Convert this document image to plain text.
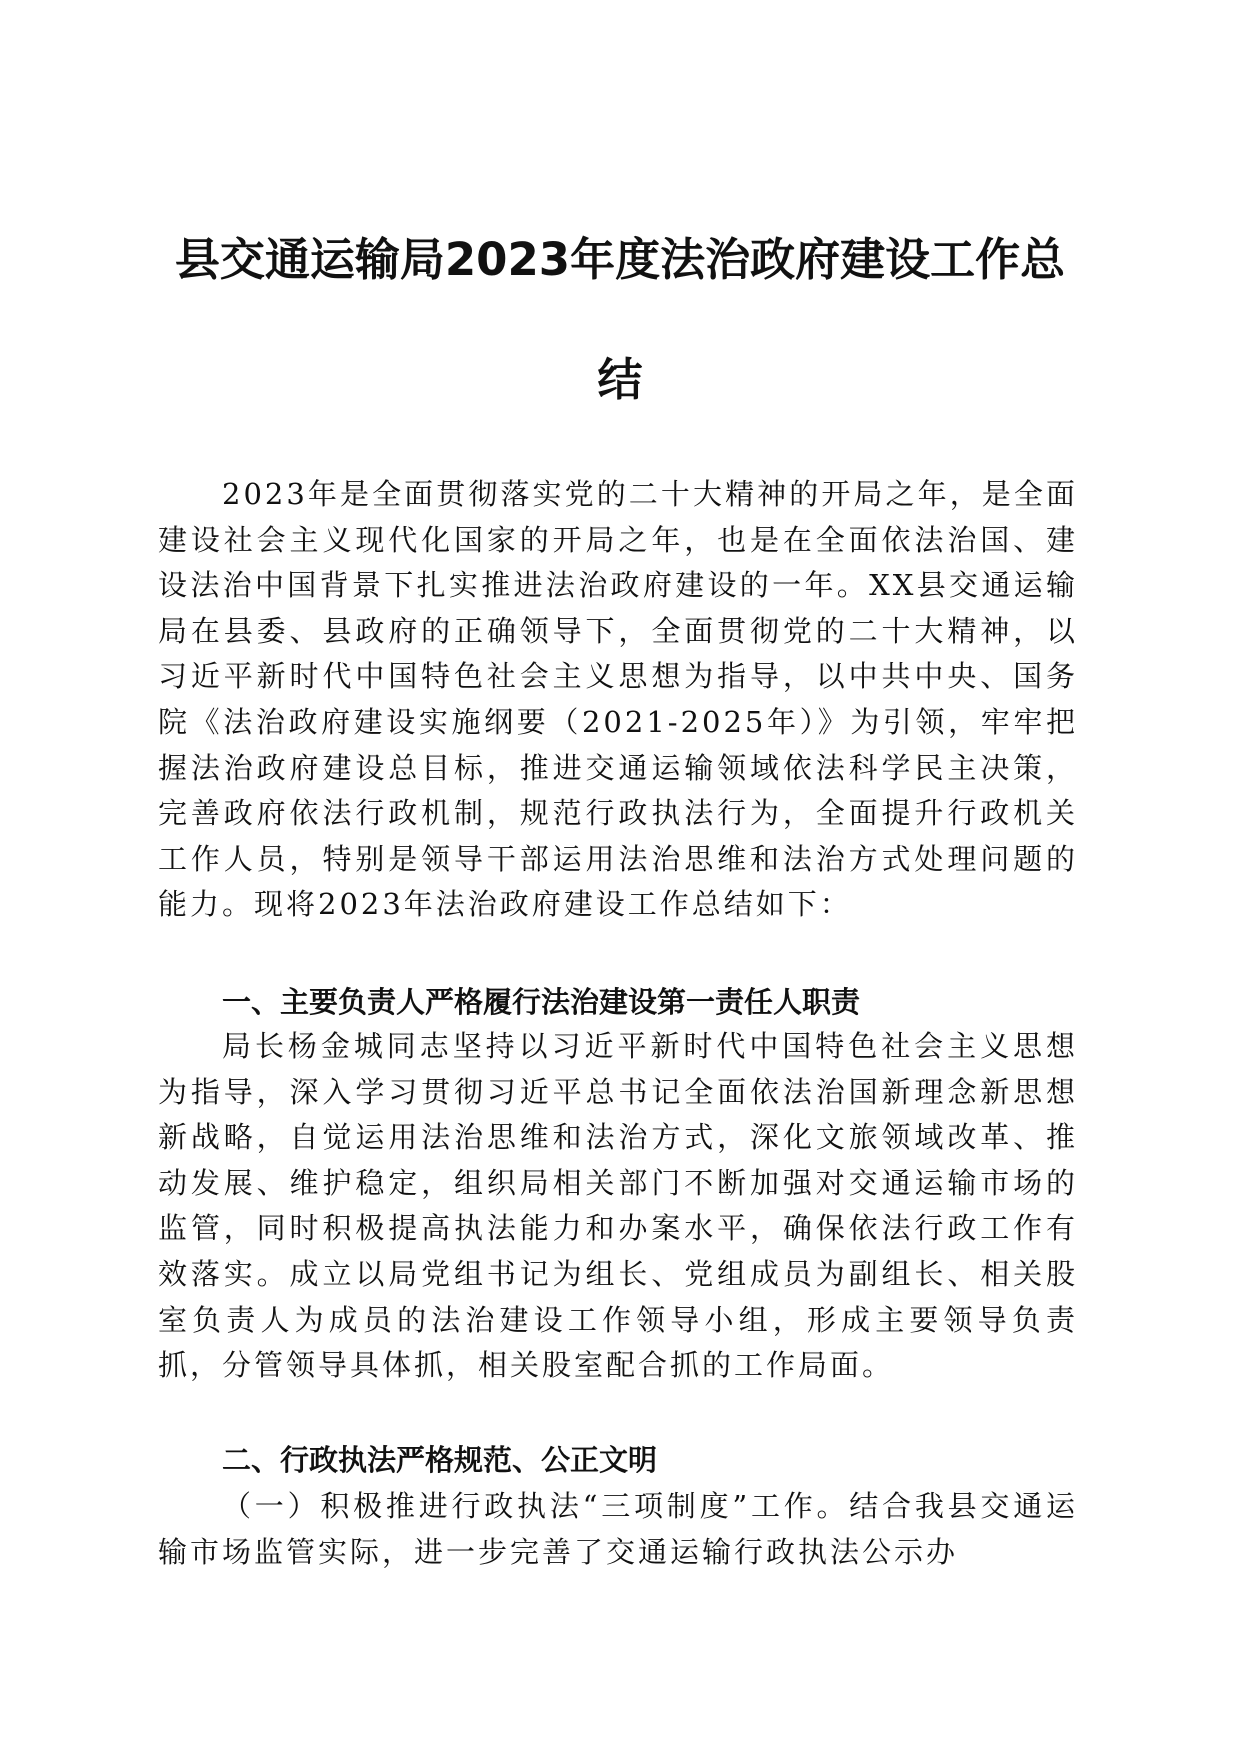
县交通运输局2023年度法治政府建设工作总
结

2023年是全面贯彻落实党的二十大精神的开局之年，是全面建设社会主义现代化国家的开局之年，也是在全面依法治国、建设法治中国背景下扎实推进法治政府建设的一年。XX县交通运输局在县委、县政府的正确领导下，全面贯彻党的二十大精神，以习近平新时代中国特色社会主义思想为指导，以中共中央、国务院《法治政府建设实施纲要（2021-2025年）》为引领，牢牢把握法治政府建设总目标，推进交通运输领域依法科学民主决策，完善政府依法行政机制，规范行政执法行为，全面提升行政机关工作人员，特别是领导干部运用法治思维和法治方式处理问题的能力。现将2023年法治政府建设工作总结如下：

一、主要负责人严格履行法治建设第一责任人职责

局长杨金城同志坚持以习近平新时代中国特色社会主义思想为指导，深入学习贯彻习近平总书记全面依法治国新理念新思想新战略，自觉运用法治思维和法治方式，深化文旅领域改革、推动发展、维护稳定，组织局相关部门不断加强对交通运输市场的监管，同时积极提高执法能力和办案水平，确保依法行政工作有效落实。成立以局党组书记为组长、党组成员为副组长、相关股室负责人为成员的法治建设工作领导小组，形成主要领导负责抓，分管领导具体抓，相关股室配合抓的工作局面。

二、行政执法严格规范、公正文明

（一）积极推进行政执法“三项制度”工作。结合我县交通运输市场监管实际，进一步完善了交通运输行政执法公示办
